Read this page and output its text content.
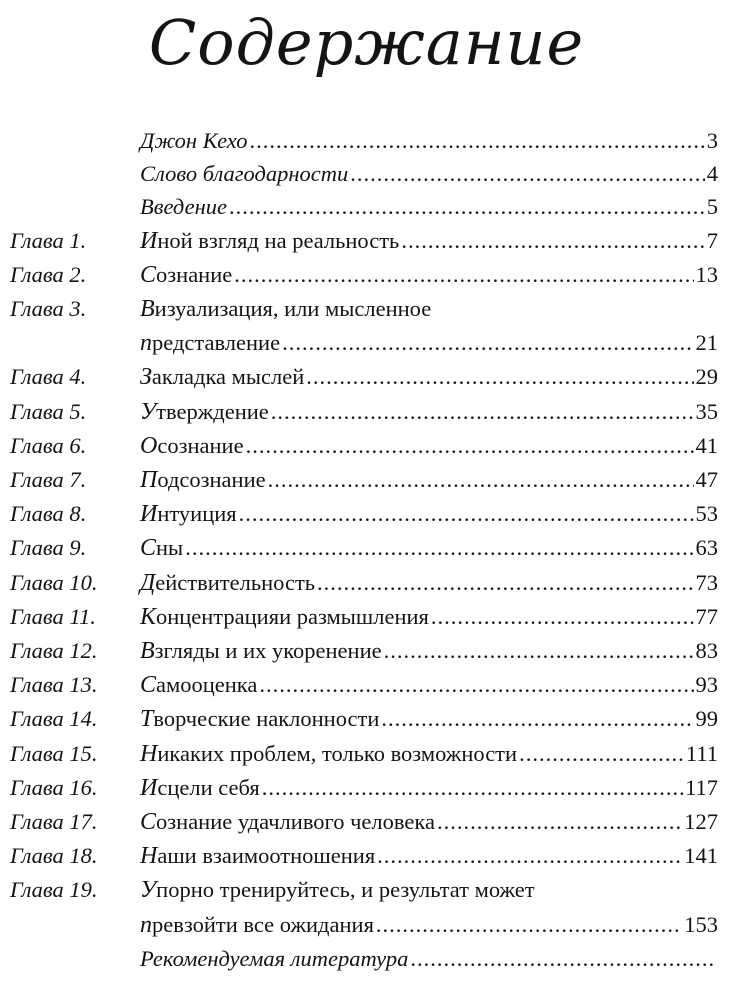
Содержание
Джон Кехо .....	3
Слово благодарности .....	4
Введение .....	5
Глава 1.	Иной взгляд на реальность .....	7
Глава 2.	Сознание .....	13
Глава 3.	Визуализация, или мысленное
представление .....	21
Глава 4.	Закладка мыслей .....	29
Глава 5.	Утверждение .....	35
Глава 6.	Осознание .....	41
Глава 7.	Подсознание .....	47
Глава 8.	Интуиция .....	53
Глава 9.	Сны .....	63
Глава 10.	Действительность .....	73
Глава 11.	Концентрацияи размышления .....	77
Глава 12.	Взгляды и их укоренение .....	83
Глава 13.	Самооценка .....	93
Глава 14.	Творческие наклонности .....	99
Глава 15.	Никаких проблем, только возможности .....	111
Глава 16.	Исцели себя .....	117
Глава 17.	Сознание удачливого человека .....	127
Глава 18.	Наши взаимоотношения .....	141
Глава 19.	Упорно тренируйтесь, и результат может
превзойти все ожидания .....	153
Рекомендуемая литература
.....
